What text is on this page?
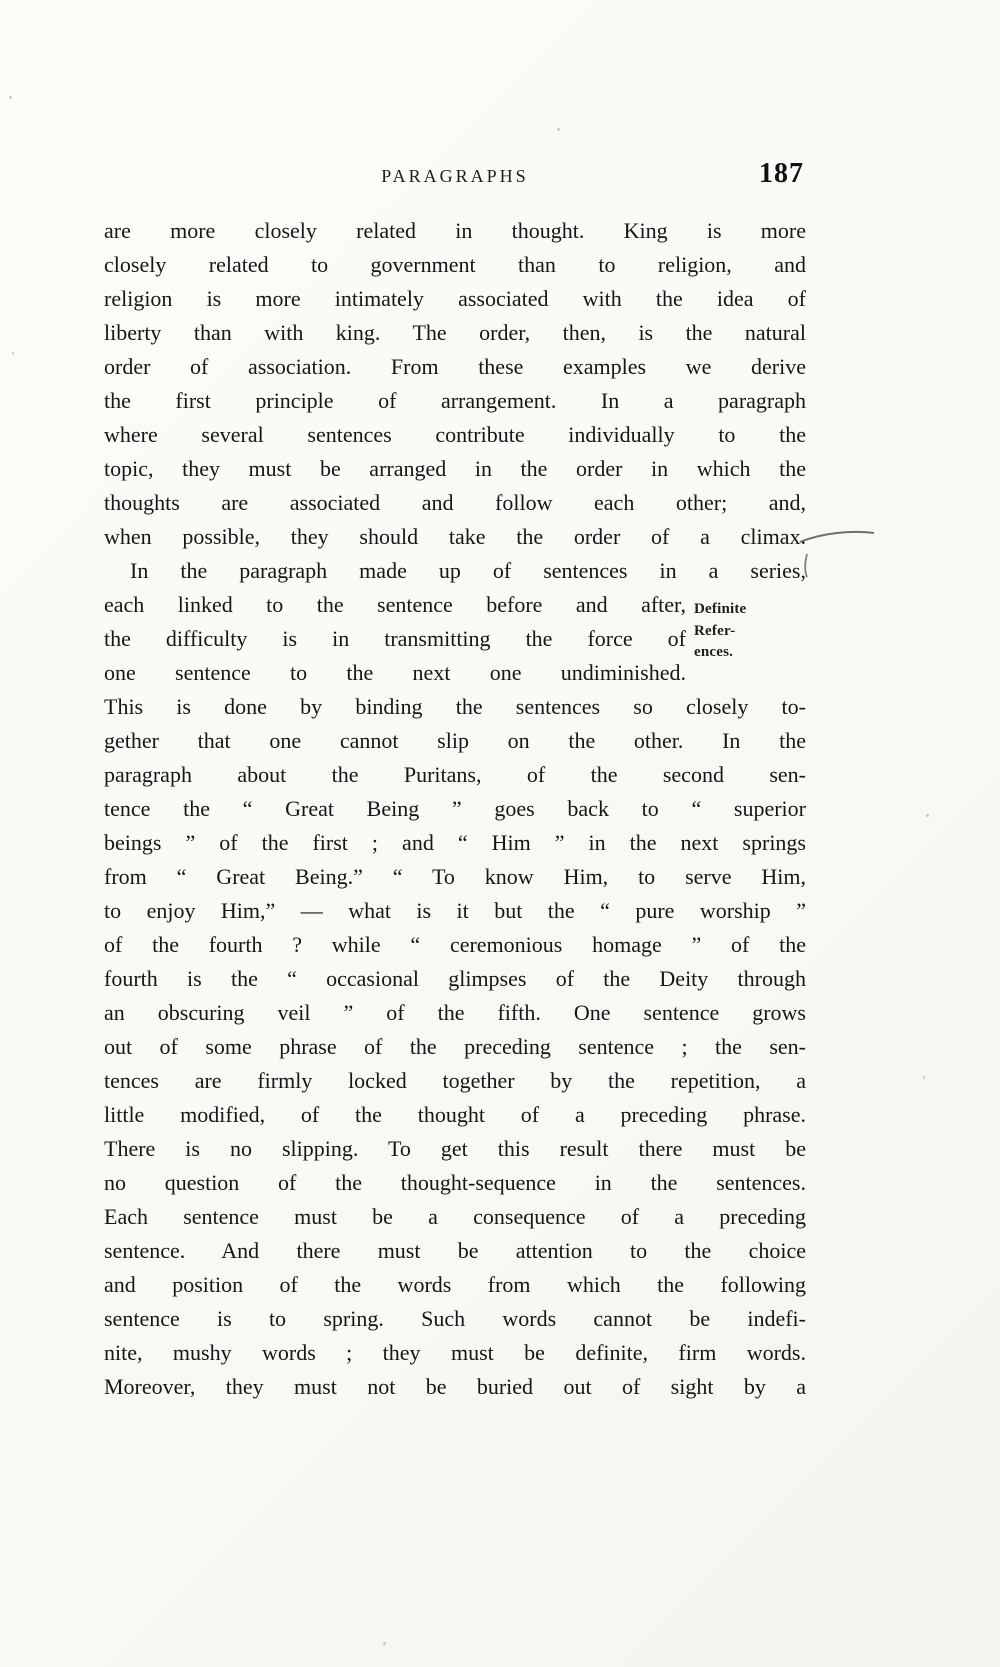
PARAGRAPHS	187
are more closely related in thought. King is more
closely related to government than to religion, and
religion is more intimately associated with the idea of
liberty than with king. The order, then, is the natural
order of association. From these examples we derive
the first principle of arrangement. In a paragraph
where several sentences contribute individually to the
topic, they must be arranged in the order in which the
thoughts are associated and follow each other; and,
when possible, they should take the order of a climax.
In the paragraph made up of sentences in a series,
each linked to the sentence before and after,
the difficulty is in transmitting the force of
one sentence to the next one undiminished.
This is done by binding the sentences so closely to-
gether that one cannot slip on the other. In the
paragraph about the Puritans, of the second sen-
tence the “ Great Being ” goes back to “ superior
beings ” of the first ; and “ Him ” in the next springs
from “ Great Being.” “ To know Him, to serve Him,
to enjoy Him,” — what is it but the “ pure worship ”
of the fourth ? while “ ceremonious homage ” of the
fourth is the “ occasional glimpses of the Deity through
an obscuring veil ” of the fifth. One sentence grows
out of some phrase of the preceding sentence ; the sen-
tences are firmly locked together by the repetition, a
little modified, of the thought of a preceding phrase.
There is no slipping. To get this result there must be
no question of the thought-sequence in the sentences.
Each sentence must be a consequence of a preceding
sentence. And there must be attention to the choice
and position of the words from which the following
sentence is to spring. Such words cannot be indefi-
nite, mushy words ; they must be definite, firm words.
Moreover, they must not be buried out of sight by a
Definite
Refer-
ences.
